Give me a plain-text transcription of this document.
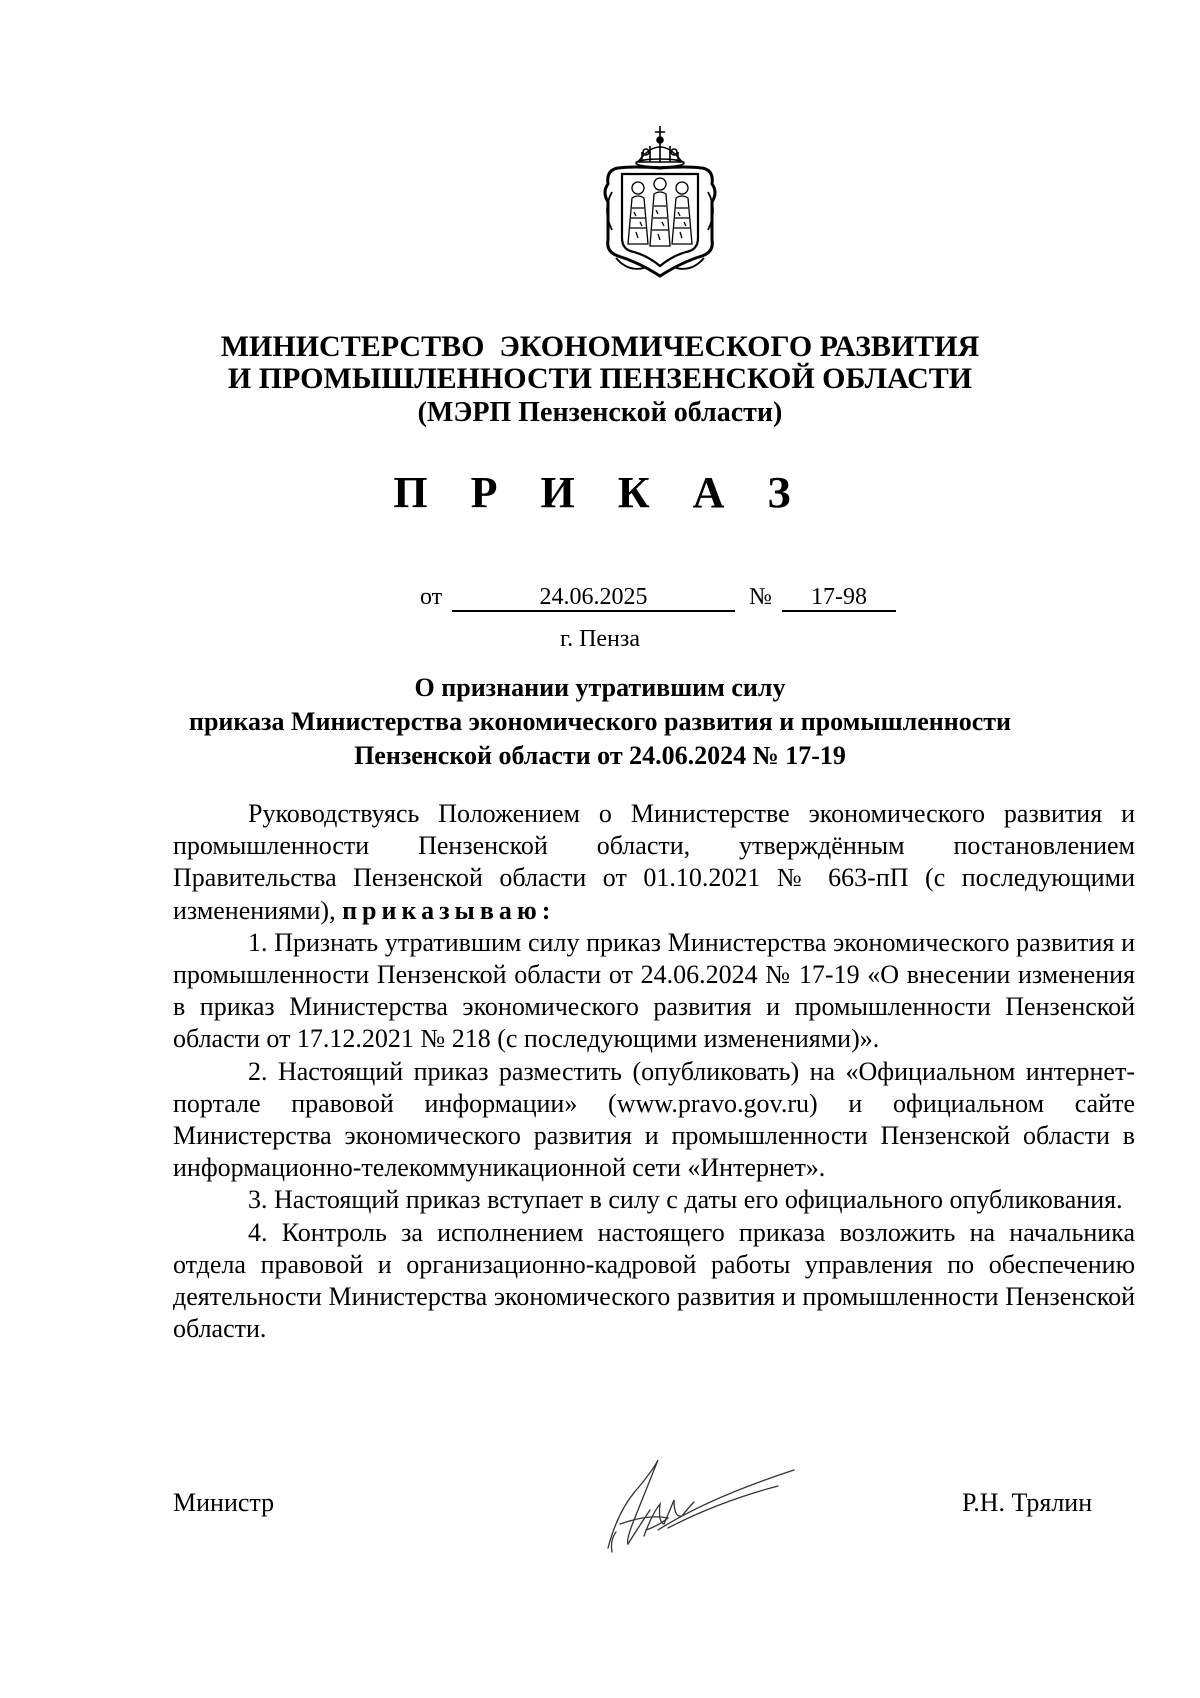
МИНИСТЕРСТВО  ЭКОНОМИЧЕСКОГО РАЗВИТИЯ
И ПРОМЫШЛЕННОСТИ ПЕНЗЕНСКОЙ ОБЛАСТИ
(МЭРП Пензенской области)
П Р И К А З
от	24.06.2025	№	17-98
г. Пенза
О признании утратившим силу
приказа Министерства экономического развития и промышленности
Пензенской области от 24.06.2024 № 17-19

Руководствуясь Положением о Министерстве экономического развития и промышленности Пензенской области, утверждённым постановлением Правительства Пензенской области от 01.10.2021 № 663-пП (с последующими изменениями), приказываю:

1. Признать утратившим силу приказ Министерства экономического развития и промышленности Пензенской области от 24.06.2024 № 17-19 «О внесении изменения в приказ Министерства экономического развития и промышленности Пензенской области от 17.12.2021 № 218 (с последующими изменениями)».

2. Настоящий приказ разместить (опубликовать) на «Официальном интернет-портале правовой информации» (www.pravo.gov.ru) и официальном сайте Министерства экономического развития и промышленности Пензенской области в информационно-телекоммуникационной сети «Интернет».

3. Настоящий приказ вступает в силу с даты его официального опубликования.

4. Контроль за исполнением настоящего приказа возложить на начальника отдела правовой и организационно-кадровой работы управления по обеспечению деятельности Министерства экономического развития и промышленности Пензенской области.

Министр	Р.Н. Трялин
